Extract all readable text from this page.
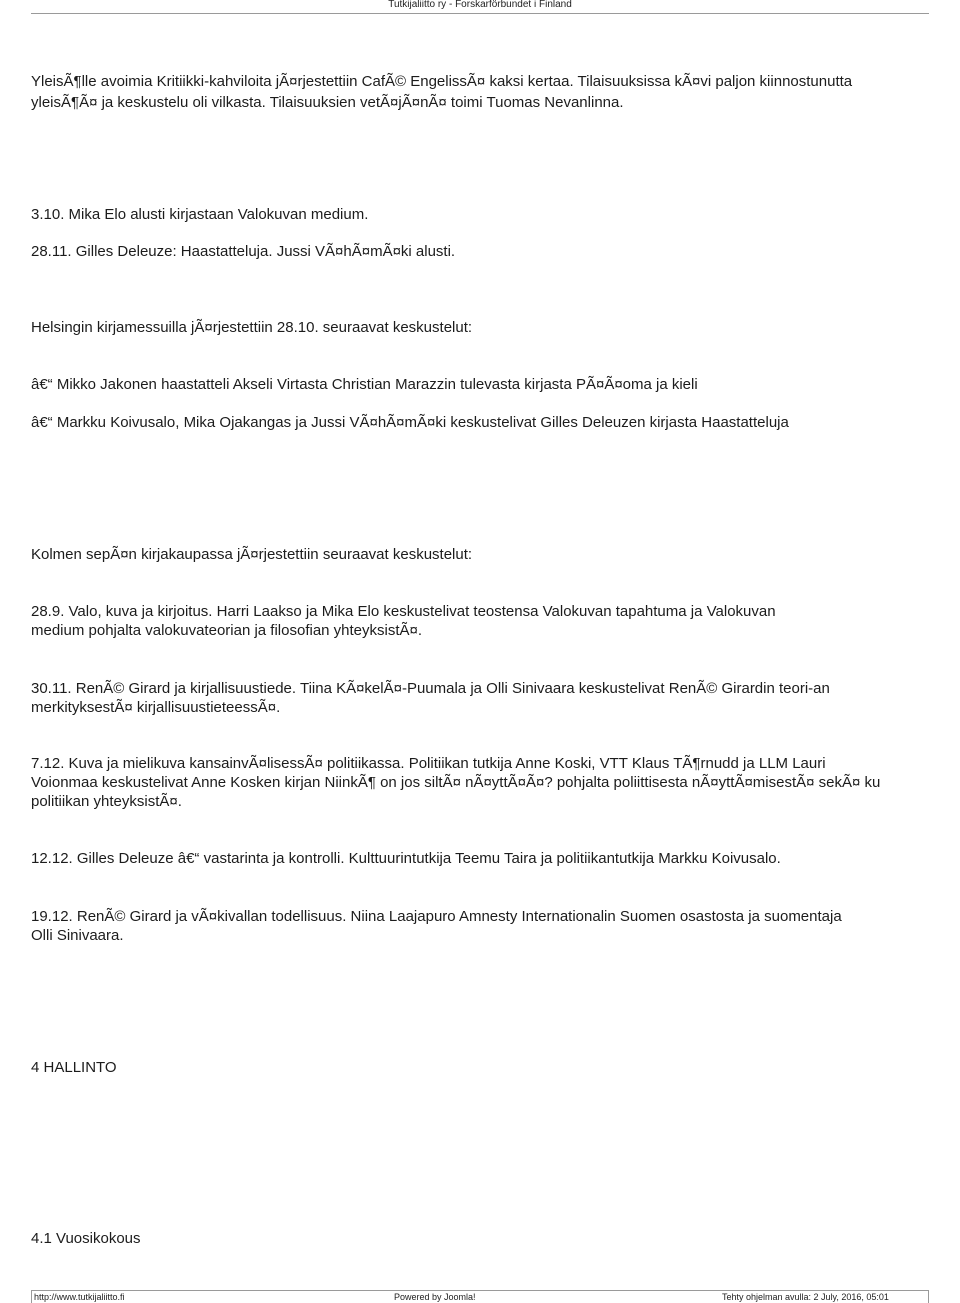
Tutkijaliitto ry - Forskarförbundet i Finland
YleisÃ¶lle avoimia Kritiikki-kahviloita jÃ¤rjestettiin CafÃ© EngelissÃ¤ kaksi kertaa. Tilaisuuksissa kÃ¤vi paljon kiinnostunutta
yleisÃ¶Ã¤ ja keskustelu oli vilkasta. Tilaisuuksien vetÃ¤jÃ¤nÃ¤ toimi Tuomas Nevanlinna.
3.10. Mika Elo alusti kirjastaan Valokuvan medium.
28.11. Gilles Deleuze: Haastatteluja. Jussi VÃ¤hÃ¤mÃ¤ki alusti.
Helsingin kirjamessuilla jÃ¤rjestettiin 28.10. seuraavat keskustelut:
â€“ Mikko Jakonen haastatteli Akseli Virtasta Christian Marazzin tulevasta kirjasta PÃ¤Ã¤oma ja kieli
â€“ Markku Koivusalo, Mika Ojakangas ja Jussi VÃ¤hÃ¤mÃ¤ki keskustelivat Gilles Deleuzen kirjasta Haastatteluja
Kolmen sepÃ¤n kirjakaupassa jÃ¤rjestettiin seuraavat keskustelut:
28.9. Valo, kuva ja kirjoitus. Harri Laakso ja Mika Elo keskustelivat teostensa Valokuvan tapahtuma ja Valokuvan
medium pohjalta valokuvateorian ja filosofian yhteyksistÃ¤.
30.11. RenÃ© Girard ja kirjallisuustiede. Tiina KÃ¤kelÃ¤-Puumala ja Olli Sinivaara keskustelivat RenÃ© Girardin teori-an
merkityksestÃ¤ kirjallisuustieteessÃ¤.
7.12. Kuva ja mielikuva kansainvÃ¤lisessÃ¤ politiikassa. Politiikan tutkija Anne Koski, VTT Klaus TÃ¶rnudd ja LLM Lauri
Voionmaa keskustelivat Anne Kosken kirjan NiinkÃ¶ on jos siltÃ¤ nÃ¤yttÃ¤Ã¤? pohjalta poliittisesta nÃ¤yttÃ¤misestÃ¤ sekÃ¤ ku
politiikan yhteyksistÃ¤.
12.12. Gilles Deleuze â€“ vastarinta ja kontrolli. Kulttuurintutkija Teemu Taira ja politiikantutkija Markku Koivusalo.
19.12. RenÃ© Girard ja vÃ¤kivallan todellisuus. Niina Laajapuro Amnesty Internationalin Suomen osastosta ja suomentaja
Olli Sinivaara.
4 HALLINTO
4.1 Vuosikokous
http://www.tutkijaliitto.fi	Powered by Joomla!	Tehty ohjelman avulla: 2 July, 2016, 05:01
